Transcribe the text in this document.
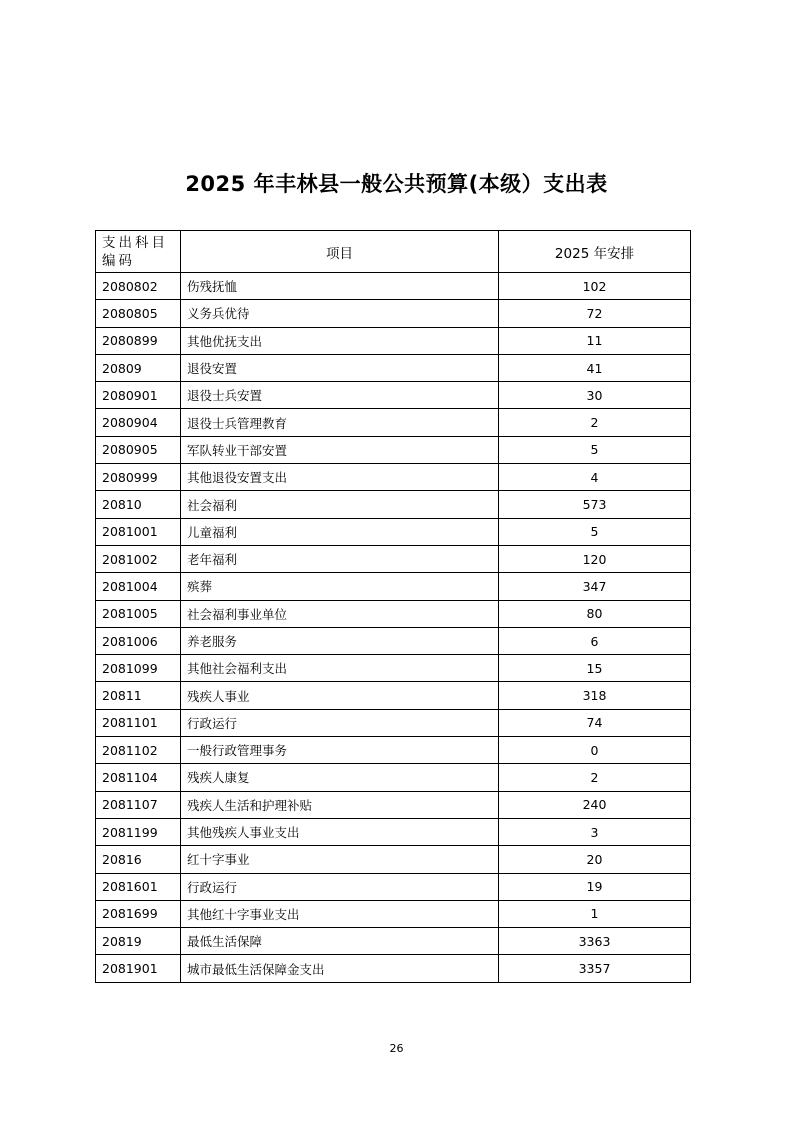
2025 年丰林县一般公共预算(本级）支出表
支出科目编码	项目	2025 年安排
2080802	伤残抚恤	102
2080805	义务兵优待	72
2080899	其他优抚支出	11
20809	退役安置	41
2080901	退役士兵安置	30
2080904	退役士兵管理教育	2
2080905	军队转业干部安置	5
2080999	其他退役安置支出	4
20810	社会福利	573
2081001	儿童福利	5
2081002	老年福利	120
2081004	殡葬	347
2081005	社会福利事业单位	80
2081006	养老服务	6
2081099	其他社会福利支出	15
20811	残疾人事业	318
2081101	行政运行	74
2081102	一般行政管理事务	0
2081104	残疾人康复	2
2081107	残疾人生活和护理补贴	240
2081199	其他残疾人事业支出	3
20816	红十字事业	20
2081601	行政运行	19
2081699	其他红十字事业支出	1
20819	最低生活保障	3363
2081901	城市最低生活保障金支出	3357
26
